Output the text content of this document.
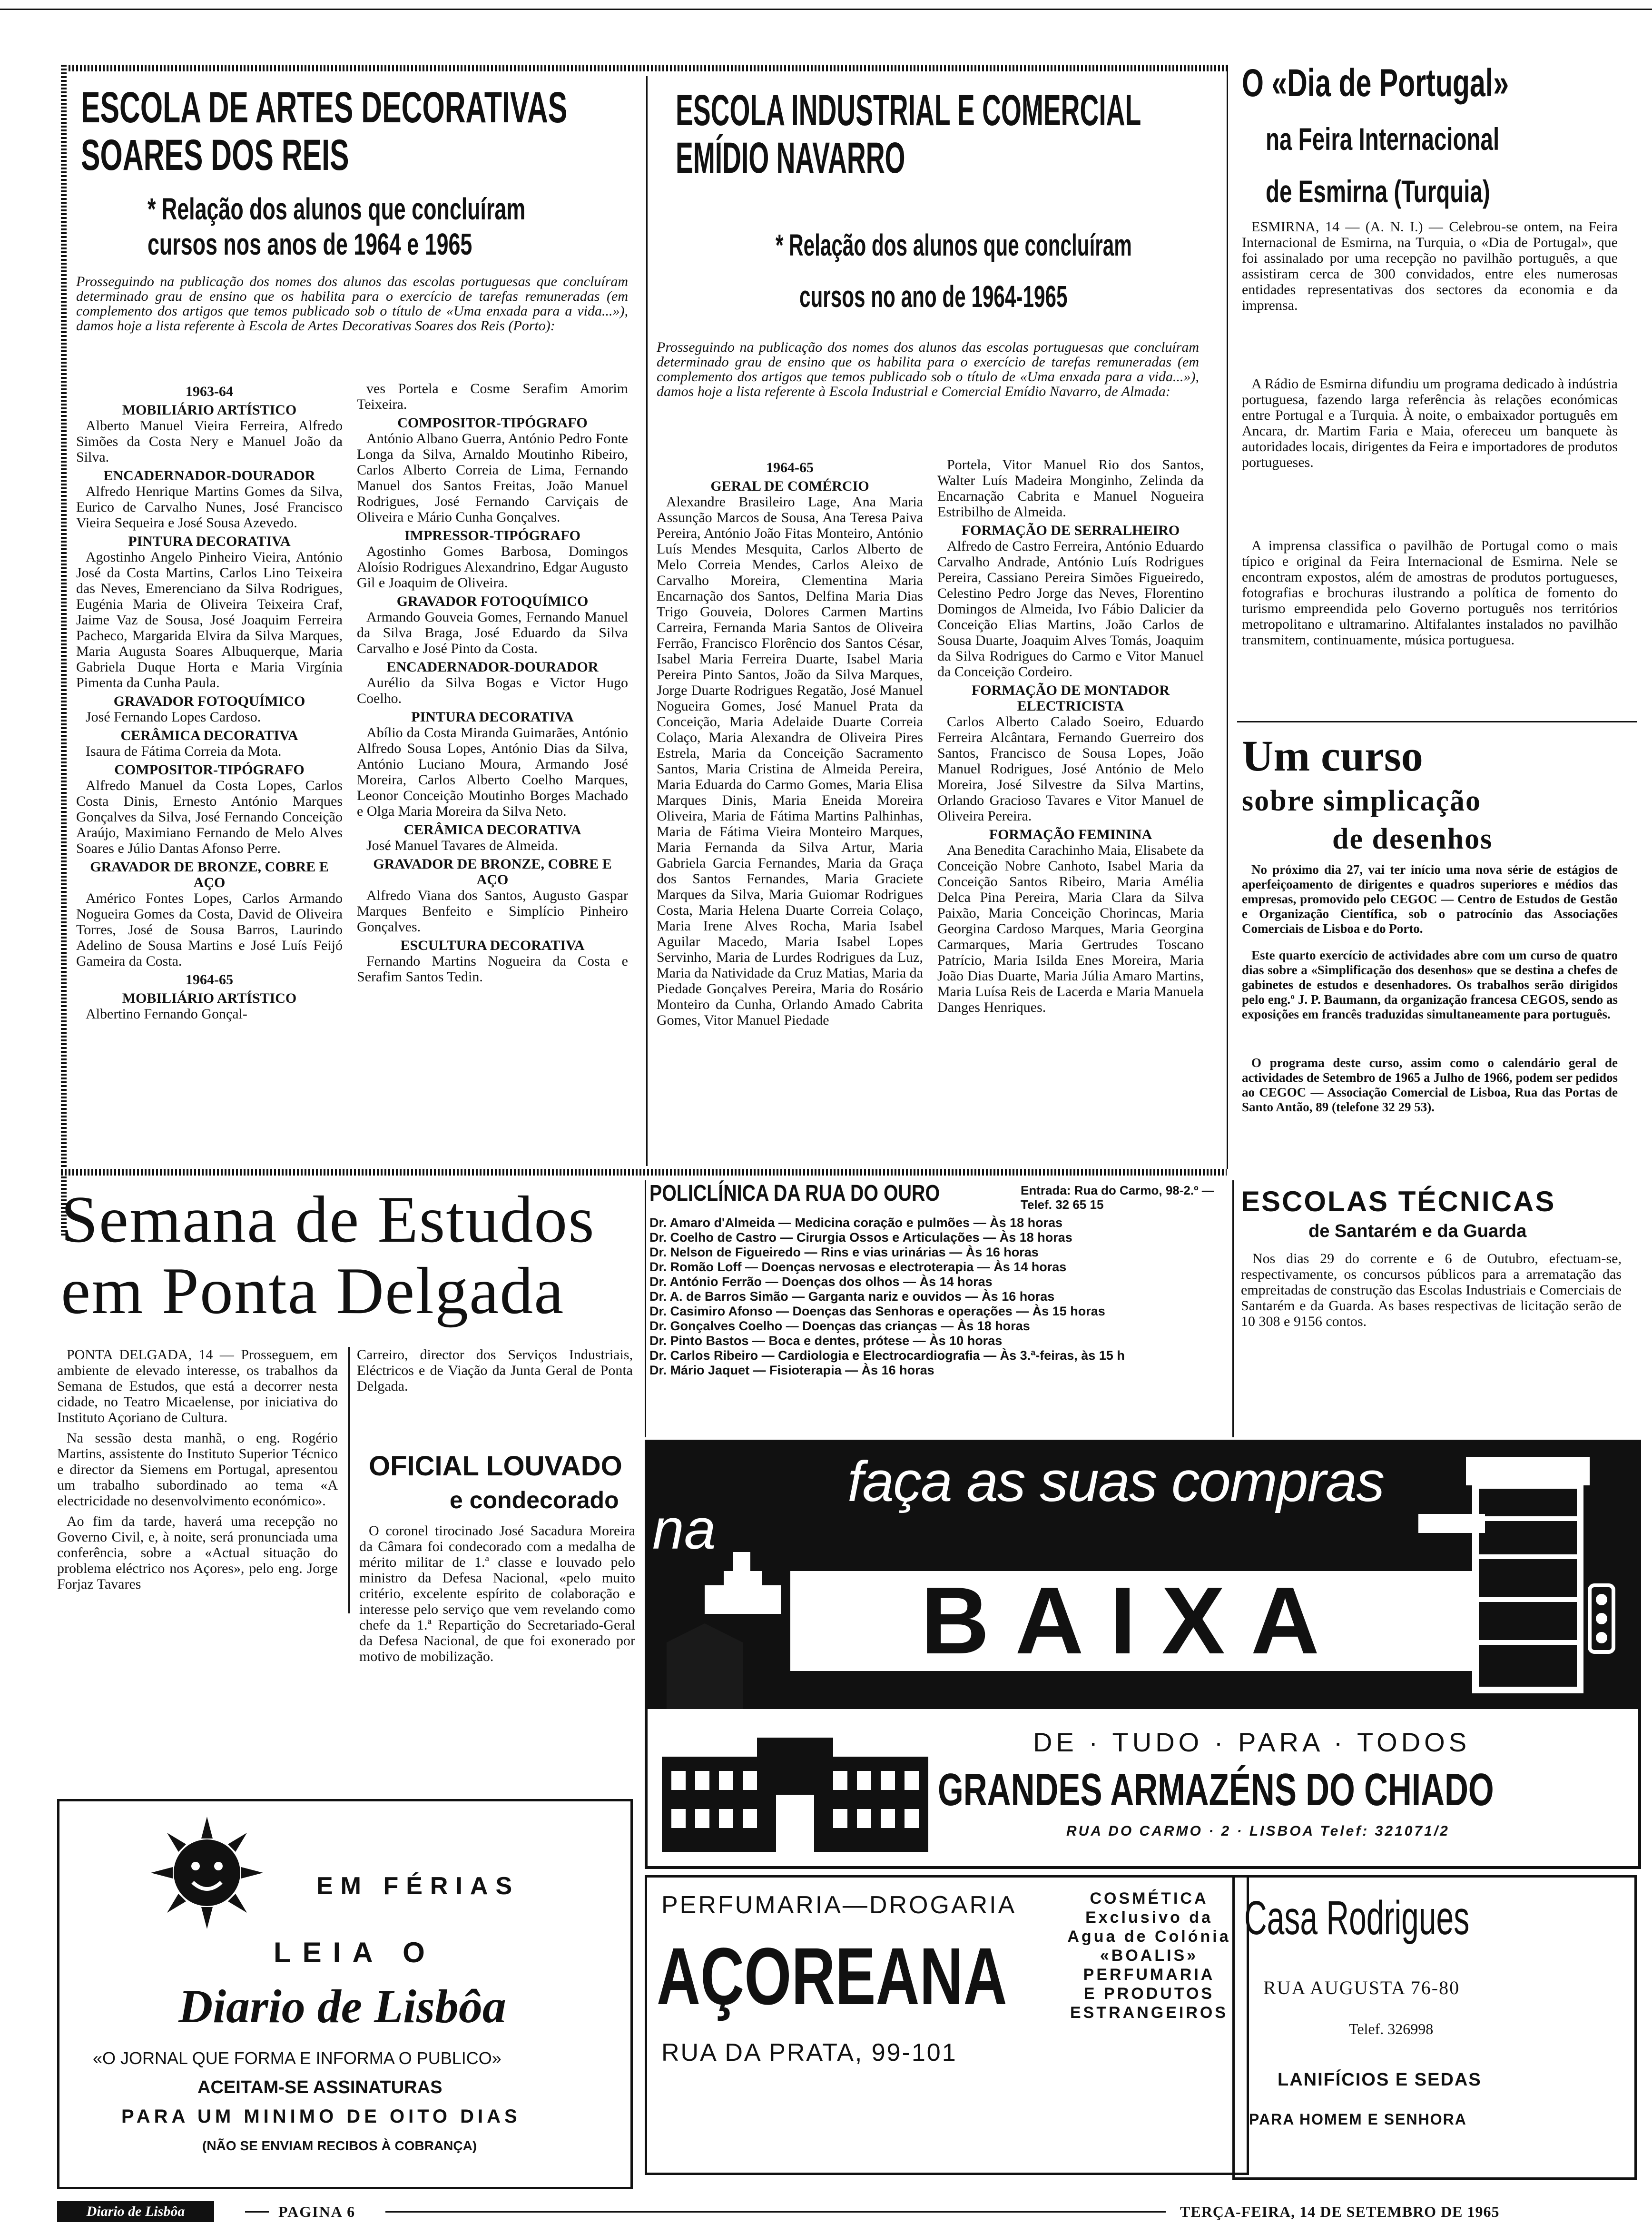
ESCOLA DE ARTES DECORATIVAS
SOARES DOS REIS
* Relação dos alunos que concluíram
cursos nos anos de 1964 e 1965

Prosseguindo na publicação dos nomes dos alunos das escolas portuguesas que concluíram determinado grau de ensino que os habilita para o exercício de tarefas remuneradas (em complemento dos artigos que temos publicado sob o título de «Uma enxada para a vida...»), damos hoje a lista referente à Escola de Artes Decorativas Soares dos Reis (Porto):

1963-64
MOBILIÁRIO ARTÍSTICO

Alberto Manuel Vieira Ferreira, Alfredo Simões da Costa Nery e Manuel João da Silva.

ENCADERNADOR-DOURADOR

Alfredo Henrique Martins Gomes da Silva, Eurico de Carvalho Nunes, José Francisco Vieira Sequeira e José Sousa Azevedo.

PINTURA DECORATIVA

Agostinho Angelo Pinheiro Vieira, António José da Costa Martins, Carlos Lino Teixeira das Neves, Emerenciano da Silva Rodrigues, Eugénia Maria de Oliveira Teixeira Craf, Jaime Vaz de Sousa, José Joaquim Ferreira Pacheco, Margarida Elvira da Silva Marques, Maria Augusta Soares Albuquerque, Maria Gabriela Duque Horta e Maria Virgínia Pimenta da Cunha Paula.

GRAVADOR FOTOQUÍMICO

José Fernando Lopes Cardoso.

CERÂMICA DECORATIVA

Isaura de Fátima Correia da Mota.

COMPOSITOR-TIPÓGRAFO

Alfredo Manuel da Costa Lopes, Carlos Costa Dinis, Ernesto António Marques Gonçalves da Silva, José Fernando Conceição Araújo, Maximiano Fernando de Melo Alves Soares e Júlio Dantas Afonso Perre.

GRAVADOR DE BRONZE, COBRE E AÇO

Américo Fontes Lopes, Carlos Armando Nogueira Gomes da Costa, David de Oliveira Torres, José de Sousa Barros, Laurindo Adelino de Sousa Martins e José Luís Feijó Gameira da Costa.

1964-65
MOBILIÁRIO ARTÍSTICO

Albertino Fernando Gonçal-

ves Portela e Cosme Serafim Amorim Teixeira.

COMPOSITOR-TIPÓGRAFO

António Albano Guerra, António Pedro Fonte Longa da Silva, Arnaldo Moutinho Ribeiro, Carlos Alberto Correia de Lima, Fernando Manuel dos Santos Freitas, João Manuel Rodrigues, José Fernando Carviçais de Oliveira e Mário Cunha Gonçalves.

IMPRESSOR-TIPÓGRAFO

Agostinho Gomes Barbosa, Domingos Aloísio Rodrigues Alexandrino, Edgar Augusto Gil e Joaquim de Oliveira.

GRAVADOR FOTOQUÍMICO

Armando Gouveia Gomes, Fernando Manuel da Silva Braga, José Eduardo da Silva Carvalho e José Pinto da Costa.

ENCADERNADOR-DOURADOR

Aurélio da Silva Bogas e Victor Hugo Coelho.

PINTURA DECORATIVA

Abílio da Costa Miranda Guimarães, António Alfredo Sousa Lopes, António Dias da Silva, António Luciano Moura, Armando José Moreira, Carlos Alberto Coelho Marques, Leonor Conceição Moutinho Borges Machado e Olga Maria Moreira da Silva Neto.

CERÂMICA DECORATIVA

José Manuel Tavares de Almeida.

GRAVADOR DE BRONZE, COBRE E AÇO

Alfredo Viana dos Santos, Augusto Gaspar Marques Benfeito e Simplício Pinheiro Gonçalves.

ESCULTURA DECORATIVA

Fernando Martins Nogueira da Costa e Serafim Santos Tedin.

ESCOLA INDUSTRIAL E COMERCIAL
EMÍDIO NAVARRO
* Relação dos alunos que concluíram
cursos no ano de 1964-1965

Prosseguindo na publicação dos nomes dos alunos das escolas portuguesas que concluíram determinado grau de ensino que os habilita para o exercício de tarefas remuneradas (em complemento dos artigos que temos publicado sob o título de «Uma enxada para a vida...»), damos hoje a lista referente à Escola Industrial e Comercial Emídio Navarro, de Almada:

1964-65
GERAL DE COMÉRCIO

Alexandre Brasileiro Lage, Ana Maria Assunção Marcos de Sousa, Ana Teresa Paiva Pereira, António João Fitas Monteiro, António Luís Mendes Mesquita, Carlos Alberto de Melo Correia Mendes, Carlos Aleixo de Carvalho Moreira, Clementina Maria Encarnação dos Santos, Delfina Maria Dias Trigo Gouveia, Dolores Carmen Martins Carreira, Fernanda Maria Santos de Oliveira Ferrão, Francisco Florêncio dos Santos César, Isabel Maria Ferreira Duarte, Isabel Maria Pereira Pinto Santos, João da Silva Marques, Jorge Duarte Rodrigues Regatão, José Manuel Nogueira Gomes, José Manuel Prata da Conceição, Maria Adelaide Duarte Correia Colaço, Maria Alexandra de Oliveira Pires Estrela, Maria da Conceição Sacramento Santos, Maria Cristina de Almeida Pereira, Maria Eduarda do Carmo Gomes, Maria Elisa Marques Dinis, Maria Eneida Moreira Oliveira, Maria de Fátima Martins Palhinhas, Maria de Fátima Vieira Monteiro Marques, Maria Fernanda da Silva Artur, Maria Gabriela Garcia Fernandes, Maria da Graça dos Santos Fernandes, Maria Graciete Marques da Silva, Maria Guiomar Rodrigues Costa, Maria Helena Duarte Correia Colaço, Maria Irene Alves Rocha, Maria Isabel Aguilar Macedo, Maria Isabel Lopes Servinho, Maria de Lurdes Rodrigues da Luz, Maria da Natividade da Cruz Matias, Maria da Piedade Gonçalves Pereira, Maria do Rosário Monteiro da Cunha, Orlando Amado Cabrita Gomes, Vitor Manuel Piedade

Portela, Vitor Manuel Rio dos Santos, Walter Luís Madeira Monginho, Zelinda da Encarnação Cabrita e Manuel Nogueira Estribilho de Almeida.

FORMAÇÃO DE SERRALHEIRO

Alfredo de Castro Ferreira, António Eduardo Carvalho Andrade, António Luís Rodrigues Pereira, Cassiano Pereira Simões Figueiredo, Celestino Pedro Jorge das Neves, Florentino Domingos de Almeida, Ivo Fábio Dalicier da Conceição Elias Martins, João Carlos de Sousa Duarte, Joaquim Alves Tomás, Joaquim da Silva Rodrigues do Carmo e Vitor Manuel da Conceição Cordeiro.

FORMAÇÃO DE MONTADOR ELECTRICISTA

Carlos Alberto Calado Soeiro, Eduardo Ferreira Alcântara, Fernando Guerreiro dos Santos, Francisco de Sousa Lopes, João Manuel Rodrigues, José António de Melo Moreira, José Silvestre da Silva Martins, Orlando Gracioso Tavares e Vitor Manuel de Oliveira Pereira.

FORMAÇÃO FEMININA

Ana Benedita Carachinho Maia, Elisabete da Conceição Nobre Canhoto, Isabel Maria da Conceição Santos Ribeiro, Maria Amélia Delca Pina Pereira, Maria Clara da Silva Paixão, Maria Conceição Chorincas, Maria Georgina Cardoso Marques, Maria Georgina Carmarques, Maria Gertrudes Toscano Patrício, Maria Isilda Enes Moreira, Maria João Dias Duarte, Maria Júlia Amaro Martins, Maria Luísa Reis de Lacerda e Maria Manuela Danges Henriques.

O «Dia de Portugal»
na Feira Internacional
de Esmirna (Turquia)

ESMIRNA, 14 — (A. N. I.) — Celebrou-se ontem, na Feira Internacional de Esmirna, na Turquia, o «Dia de Portugal», que foi assinalado por uma recepção no pavilhão português, a que assistiram cerca de 300 convidados, entre eles numerosas entidades representativas dos sectores da economia e da imprensa.

A Rádio de Esmirna difundiu um programa dedicado à indústria portuguesa, fazendo larga referência às relações económicas entre Portugal e a Turquia. À noite, o embaixador português em Ancara, dr. Martim Faria e Maia, ofereceu um banquete às autoridades locais, dirigentes da Feira e importadores de produtos portugueses.

A imprensa classifica o pavilhão de Portugal como o mais típico e original da Feira Internacional de Esmirna. Nele se encontram expostos, além de amostras de produtos portugueses, fotografias e brochuras ilustrando a política de fomento do turismo empreendida pelo Governo português nos territórios metropolitano e ultramarino. Altifalantes instalados no pavilhão transmitem, continuamente, música portuguesa.

Um curso
sobre simplicação
de desenhos

No próximo dia 27, vai ter início uma nova série de estágios de aperfeiçoamento de dirigentes e quadros superiores e médios das empresas, promovido pelo CEGOC — Centro de Estudos de Gestão e Organização Científica, sob o patrocínio das Associações Comerciais de Lisboa e do Porto.

Este quarto exercício de actividades abre com um curso de quatro dias sobre a «Simplificação dos desenhos» que se destina a chefes de gabinetes de estudos e desenhadores. Os trabalhos serão dirigidos pelo eng.º J. P. Baumann, da organização francesa CEGOS, sendo as exposições em francês traduzidas simultaneamente para português.

O programa deste curso, assim como o calendário geral de actividades de Setembro de 1965 a Julho de 1966, podem ser pedidos ao CEGOC — Associação Comercial de Lisboa, Rua das Portas de Santo Antão, 89 (telefone 32 29 53).

Semana de Estudos
em Ponta Delgada

PONTA DELGADA, 14 — Prosseguem, em ambiente de elevado interesse, os trabalhos da Semana de Estudos, que está a decorrer nesta cidade, no Teatro Micaelense, por iniciativa do Instituto Açoriano de Cultura.

Na sessão desta manhã, o eng. Rogério Martins, assistente do Instituto Superior Técnico e director da Siemens em Portugal, apresentou um trabalho subordinado ao tema «A electricidade no desenvolvimento económico».

Ao fim da tarde, haverá uma recepção no Governo Civil, e, à noite, será pronunciada uma conferência, sobre a «Actual situação do problema eléctrico nos Açores», pelo eng. Jorge Forjaz Tavares

Carreiro, director dos Serviços Industriais, Eléctricos e de Viação da Junta Geral de Ponta Delgada.

OFICIAL LOUVADO
e condecorado

O coronel tirocinado José Sacadura Moreira da Câmara foi condecorado com a medalha de mérito militar de 1.ª classe e louvado pelo ministro da Defesa Nacional, «pelo muito critério, excelente espírito de colaboração e interesse pelo serviço que vem revelando como chefe da 1.ª Repartição do Secretariado-Geral da Defesa Nacional, de que foi exonerado por motivo de mobilização.

POLICLÍNICA DA RUA DO OURO	Entrada: Rua do Carmo, 98-2.º — Telef. 32 65 15
Dr. Amaro d'Almeida — Medicina coração e pulmões — Às 18 horas
Dr. Coelho de Castro — Cirurgia Ossos e Articulações — Às 18 horas
Dr. Nelson de Figueiredo — Rins e vias urinárias — Às 16 horas
Dr. Romão Loff — Doenças nervosas e electroterapia — Às 14 horas
Dr. António Ferrão — Doenças dos olhos — Às 14 horas
Dr. A. de Barros Simão — Garganta nariz e ouvidos — Às 16 horas
Dr. Casimiro Afonso — Doenças das Senhoras e operações — Às 15 horas
Dr. Gonçalves Coelho — Doenças das crianças — Às 18 horas
Dr. Pinto Bastos — Boca e dentes, prótese — Às 10 horas
Dr. Carlos Ribeiro — Cardiologia e Electrocardiografia — Às 3.ª-feiras, às 15 h
Dr. Mário Jaquet — Fisioterapia — Às 16 horas
ESCOLAS TÉCNICAS
de Santarém e da Guarda

Nos dias 29 do corrente e 6 de Outubro, efectuam-se, respectivamente, os concursos públicos para a arrematação das empreitadas de construção das Escolas Industriais e Comerciais de Santarém e da Guarda. As bases respectivas de licitação serão de 10 308 e 9156 contos.

faça as suas compras
na
BAIXA
DE · TUDO · PARA · TODOS
GRANDES ARMAZÉNS DO CHIADO
RUA DO CARMO · 2 · LISBOA Telef: 321071/2
EM FÉRIAS
LEIA O
Diario de Lisbôa
«O JORNAL QUE FORMA E INFORMA O PUBLICO»
ACEITAM-SE ASSINATURAS
PARA UM MINIMO DE OITO DIAS
(NÃO SE ENVIAM RECIBOS À COBRANÇA)
PERFUMARIA—DROGARIA
AÇOREANA
RUA DA PRATA, 99-101
COSMÉTICA
Exclusivo da
Agua de Colónia
«BOALIS»
PERFUMARIA
E PRODUTOS
ESTRANGEIROS
Casa Rodrigues
RUA AUGUSTA 76-80
Telef. 326998
LANIFÍCIOS E SEDAS
PARA HOMEM E SENHORA
Diario de Lisbôa	PAGINA 6	TERÇA-FEIRA, 14 DE SETEMBRO DE 1965
